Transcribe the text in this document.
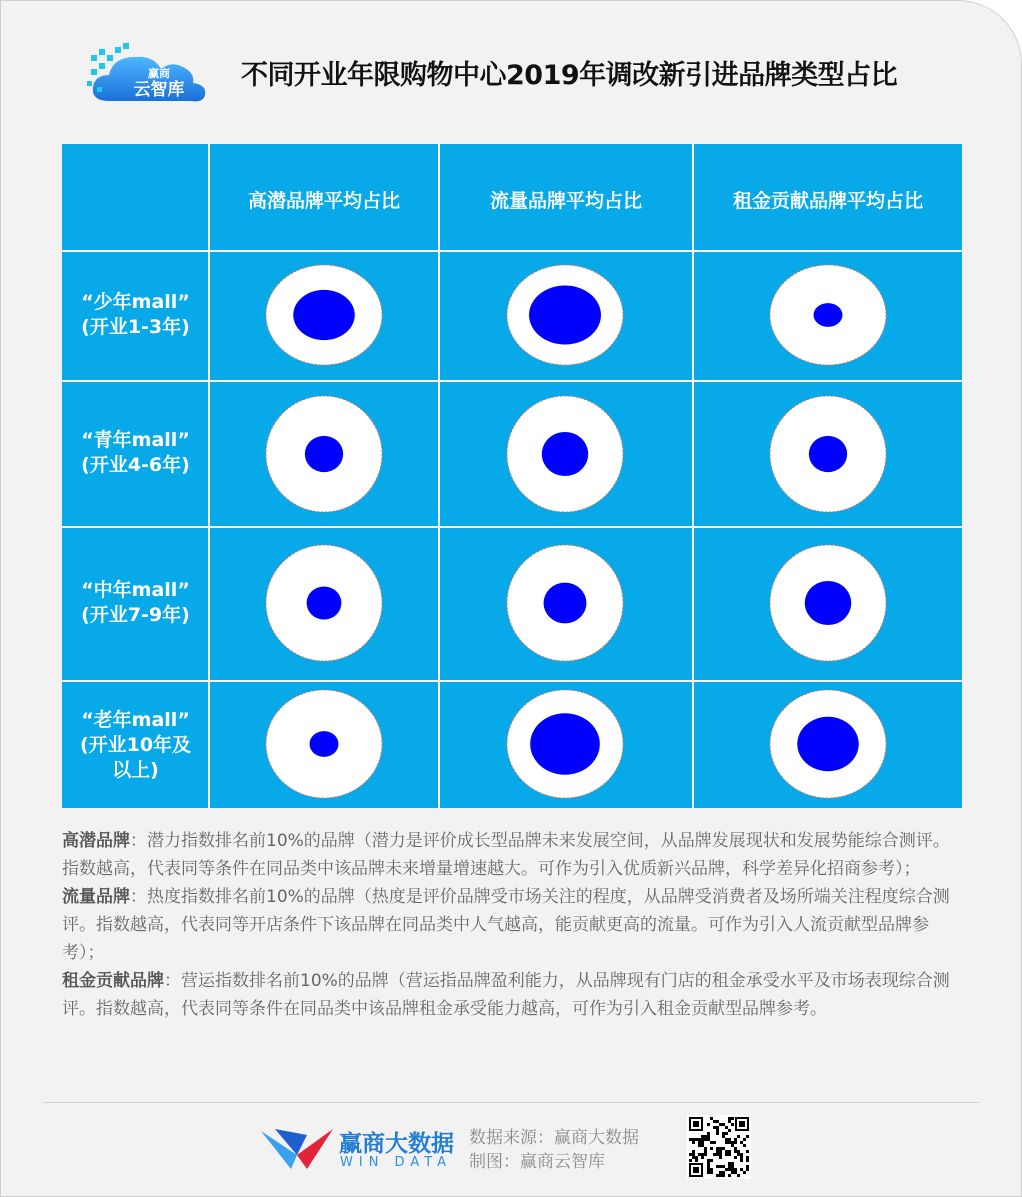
赢商
云智库	不同开业年限购物中心2019年调改新引进品牌类型占比
高潜品牌平均占比	流量品牌平均占比	租金贡献品牌平均占比
“少年mall”
(开业1-3年)
“青年mall”
(开业4-6年)
“中年mall”
(开业7-9年)
“老年mall”
(开业10年及
以上)

高潜品牌：潜力指数排名前10%的品牌（潜力是评价成长型品牌未来发展空间，从品牌发展现状和发展势能综合测评。指数越高，代表同等条件在同品类中该品牌未来增量增速越大。可作为引入优质新兴品牌，科学差异化招商参考）；

流量品牌：热度指数排名前10%的品牌（热度是评价品牌受市场关注的程度，从品牌受消费者及场所端关注程度综合测评。指数越高，代表同等开店条件下该品牌在同品类中人气越高，能贡献更高的流量。可作为引入人流贡献型品牌参考）；

租金贡献品牌：营运指数排名前10%的品牌（营运指品牌盈利能力，从品牌现有门店的租金承受水平及市场表现综合测评。指数越高，代表同等条件在同品类中该品牌租金承受能力越高，可作为引入租金贡献型品牌参考。

赢商大数据
WIN DATA
数据来源：赢商大数据
制图：赢商云智库
